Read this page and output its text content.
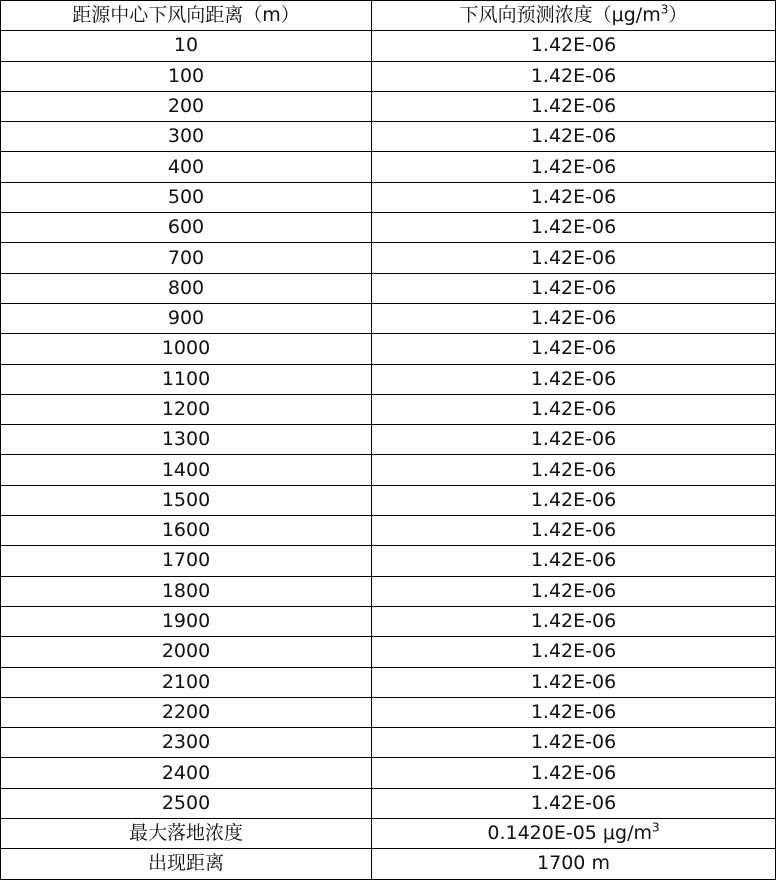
距源中心下风向距离（m）	下风向预测浓度$(\mu g/m^3)$
10	1.42E-06
100	1.42E-06
200	1.42E-06
300	1.42E-06
400	1.42E-06
500	1.42E-06
600	1.42E-06
700	1.42E-06
800	1.42E-06
900	1.42E-06
1000	1.42E-06
1100	1.42E-06
1200	1.42E-06
1300	1.42E-06
1400	1.42E-06
1500	1.42E-06
1600	1.42E-06
1700	1.42E-06
1800	1.42E-06
1900	1.42E-06
2000	1.42E-06
2100	1.42E-06
2200	1.42E-06
2300	1.42E-06
2400	1.42E-06
2500	1.42E-06
最大落地浓度	0.1420E-05 $\mu g/m^3$
出现距离	1700 m
